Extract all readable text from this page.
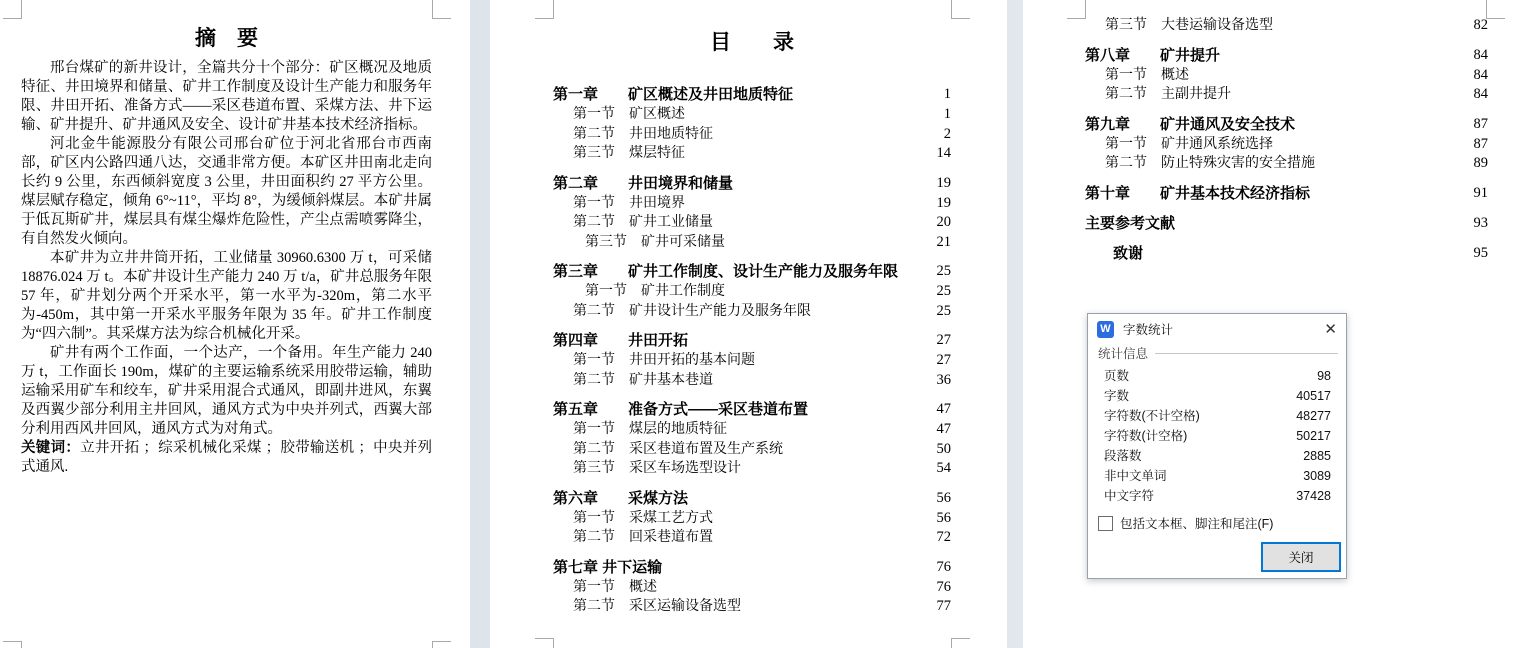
摘　要

邢台煤矿的新井设计，全篇共分十个部分：矿区概况及地质特征、井田境界和储量、矿井工作制度及设计生产能力和服务年限、井田开拓、准备方式——采区巷道布置、采煤方法、井下运输、矿井提升、矿井通风及安全、设计矿井基本技术经济指标。

河北金牛能源股分有限公司邢台矿位于河北省邢台市西南部，矿区内公路四通八达，交通非常方便。本矿区井田南北走向长约 9 公里，东西倾斜宽度 3 公里，井田面积约 27 平方公里。煤层赋存稳定，倾角 6°~11°，平均 8°，为缓倾斜煤层。本矿井属于低瓦斯矿井，煤层具有煤尘爆炸危险性，产尘点需喷雾降尘，有自然发火倾向。

本矿井为立井井筒开拓，工业储量 30960.6300 万 t，可采储 18876.024 万 t。本矿井设计生产能力 240 万 t/a，矿井总服务年限 57 年，矿井划分两个开采水平，第一水平为-320m，第二水平为-450m，其中第一开采水平服务年限为 35 年。矿井工作制度为“四六制”。其采煤方法为综合机械化开采。

矿井有两个工作面，一个达产，一个备用。年生产能力 240 万 t，工作面长 190m，煤矿的主要运输系统采用胶带运输，辅助运输采用矿车和绞车，矿井采用混合式通风，即副井进风，东翼及西翼少部分利用主井回风，通风方式为中央并列式，西翼大部分利用西风井回风，通风方式为对角式。

关键词：立井开拓 ；综采机械化采煤 ；胶带输送机 ；中央并列式通风.

目　　录
第一章　　矿区概述及井田地质特征	1
第一节　矿区概述	1
第二节　井田地质特征	2
第三节　煤层特征	14
第二章　　井田境界和储量	19
第一节　井田境界	19
第二节　矿井工业储量	20
第三节　矿井可采储量	21
第三章　　矿井工作制度、设计生产能力及服务年限	25
第一节　矿井工作制度	25
第二节　矿井设计生产能力及服务年限	25
第四章　　井田开拓	27
第一节　井田开拓的基本问题	27
第二节　矿井基本巷道	36
第五章　　准备方式——采区巷道布置	47
第一节　煤层的地质特征	47
第二节　采区巷道布置及生产系统	50
第三节　采区车场选型设计	54
第六章　　采煤方法	56
第一节　采煤工艺方式	56
第二节　回采巷道布置	72
第七章 井下运输	76
第一节　概述	76
第二节　采区运输设备选型	77
第三节　大巷运输设备选型	82
第八章　　矿井提升	84
第一节　概述	84
第二节　主副井提升	84
第九章　　矿井通风及安全技术	87
第一节　矿井通风系统选择	87
第二节　防止特殊灾害的安全措施	89
第十章　　矿井基本技术经济指标	91
主要参考文献	93
致谢	95
W 字数统计	✕
统计信息
页数	98
字数	40517
字符数(不计空格)	48277
字符数(计空格)	50217
段落数	2885
非中文单词	3089
中文字符	37428
包括文本框、脚注和尾注(F)
关闭
